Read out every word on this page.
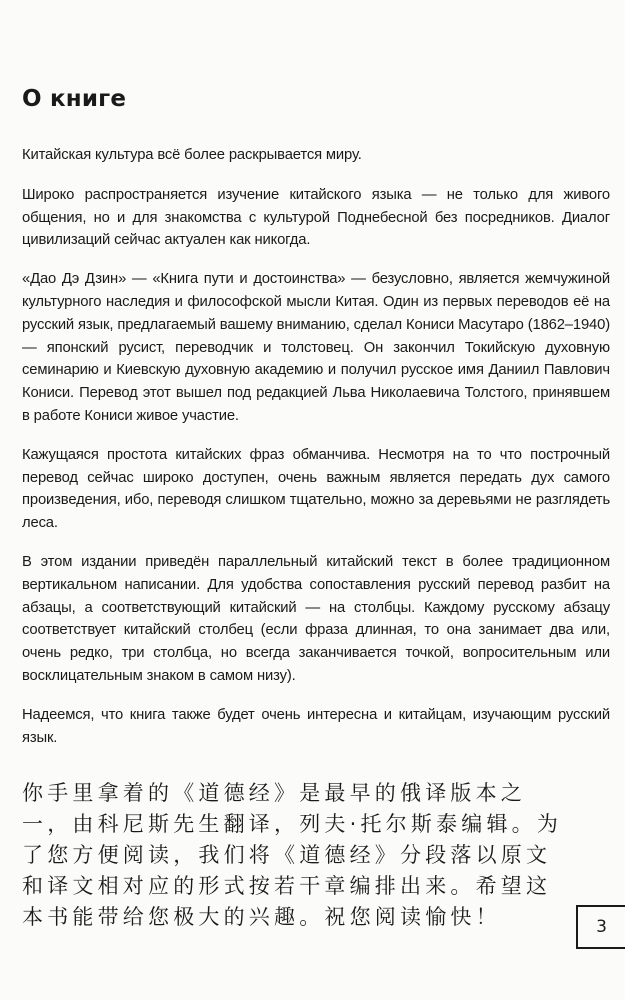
О книге

Китайская культура всё более раскрывается миру.

Широко распространяется изучение китайского языка — не только для живого общения, но и для знакомства с культурой Поднебесной без посредников. Диалог цивилизаций сейчас актуален как никогда.

«Дао Дэ Дзин» — «Книга пути и достоинства» — безусловно, является жемчужиной культурного наследия и философской мысли Китая. Один из первых переводов её на русский язык, предлагаемый вашему вниманию, сделал Кониси Масутаро (1862–1940) — японский русист, переводчик и толстовец. Он закончил Токийскую духовную семинарию и Киевскую духовную академию и получил русское имя Даниил Павлович Кониси. Перевод этот вышел под редакцией Льва Николаевича Толстого, принявшем в работе Кониси живое участие.

Кажущаяся простота китайских фраз обманчива. Несмотря на то что построчный перевод сейчас широко доступен, очень важным является передать дух самого произведения, ибо, переводя слишком тщательно, можно за деревьями не разглядеть леса.

В этом издании приведён параллельный китайский текст в более традиционном вертикальном написании. Для удобства сопоставления русский перевод разбит на абзацы, а соответствующий китайский — на столбцы. Каждому русскому абзацу соответствует китайский столбец (если фраза длинная, то она занимает два или, очень редко, три столбца, но всегда заканчивается точкой, вопросительным или восклицательным знаком в самом низу).

Надеемся, что книга также будет очень интересна и китайцам, изучающим русский язык.

你手里拿着的《道德经》是最早的俄译版本之一，由科尼斯先生翻译，列夫·托尔斯泰编辑。为了您方便阅读，我们将《道德经》分段落以原文和译文相对应的形式按若干章编排出来。希望这本书能带给您极大的兴趣。祝您阅读愉快！	3
